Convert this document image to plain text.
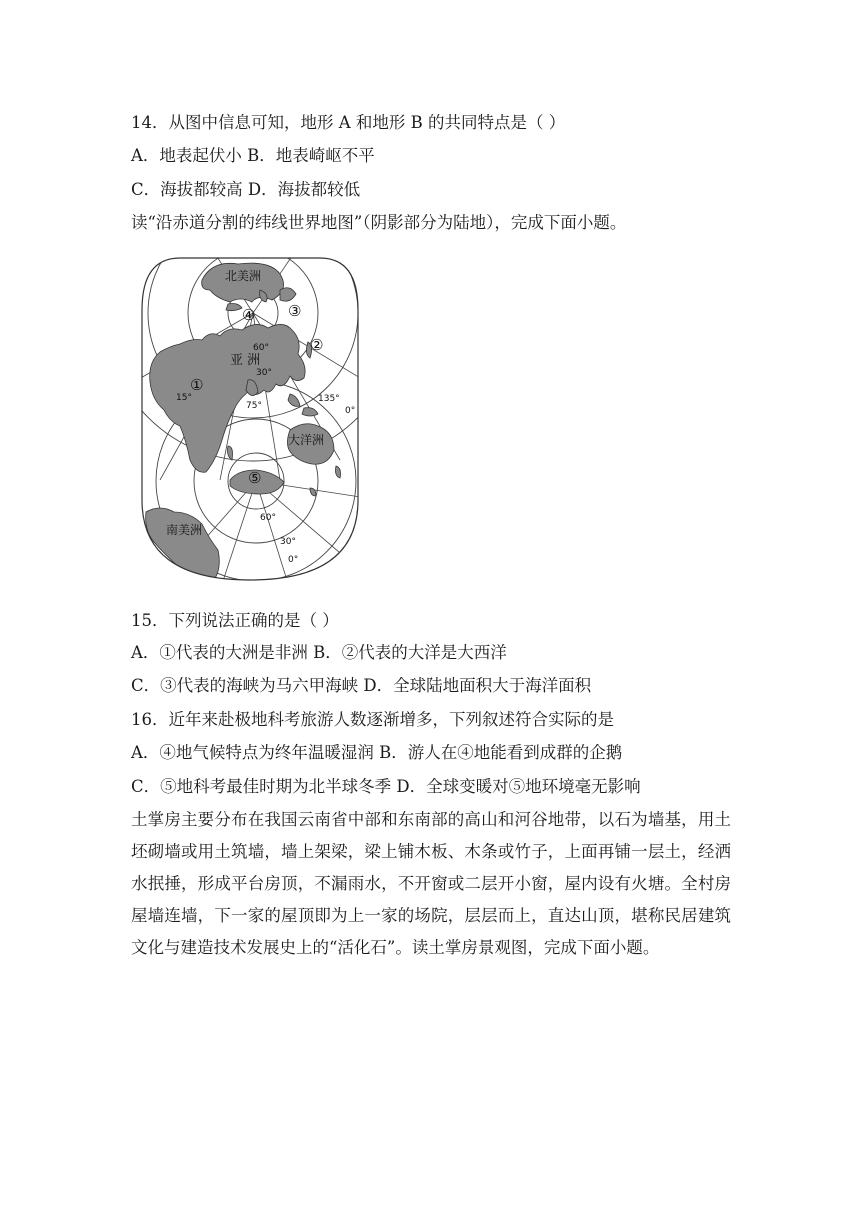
14．从图中信息可知，地形 A 和地形 B 的共同特点是（ ）
A．地表起伏小 B．地表崎岖不平
C．海拔都较高 D．海拔都较低
读“沿赤道分割的纬线世界地图”（阴影部分为陆地），完成下面小题。
北美洲
亚 洲
大洋洲
南美洲
④ ③
②
①
⑤
60°
30°
15°
75°
135°
0°
60°
30°
0°
15．下列说法正确的是（ ）
A．①代表的大洲是非洲 B．②代表的大洋是大西洋
C．③代表的海峡为马六甲海峡 D．全球陆地面积大于海洋面积
16．近年来赴极地科考旅游人数逐渐增多，下列叙述符合实际的是
A．④地气候特点为终年温暖湿润 B．游人在④地能看到成群的企鹅
C．⑤地科考最佳时期为北半球冬季 D．全球变暖对⑤地环境毫无影响
土掌房主要分布在我国云南省中部和东南部的高山和河谷地带，以石为墙基，用土坯砌墙或用土筑墙，墙上架梁，梁上铺木板、木条或竹子，上面再铺一层土，经洒水抿捶，形成平台房顶，不漏雨水，不开窗或二层开小窗，屋内设有火塘。全村房屋墙连墙，下一家的屋顶即为上一家的场院，层层而上，直达山顶，堪称民居建筑文化与建造技术发展史上的“活化石”。读土掌房景观图，完成下面小题。
